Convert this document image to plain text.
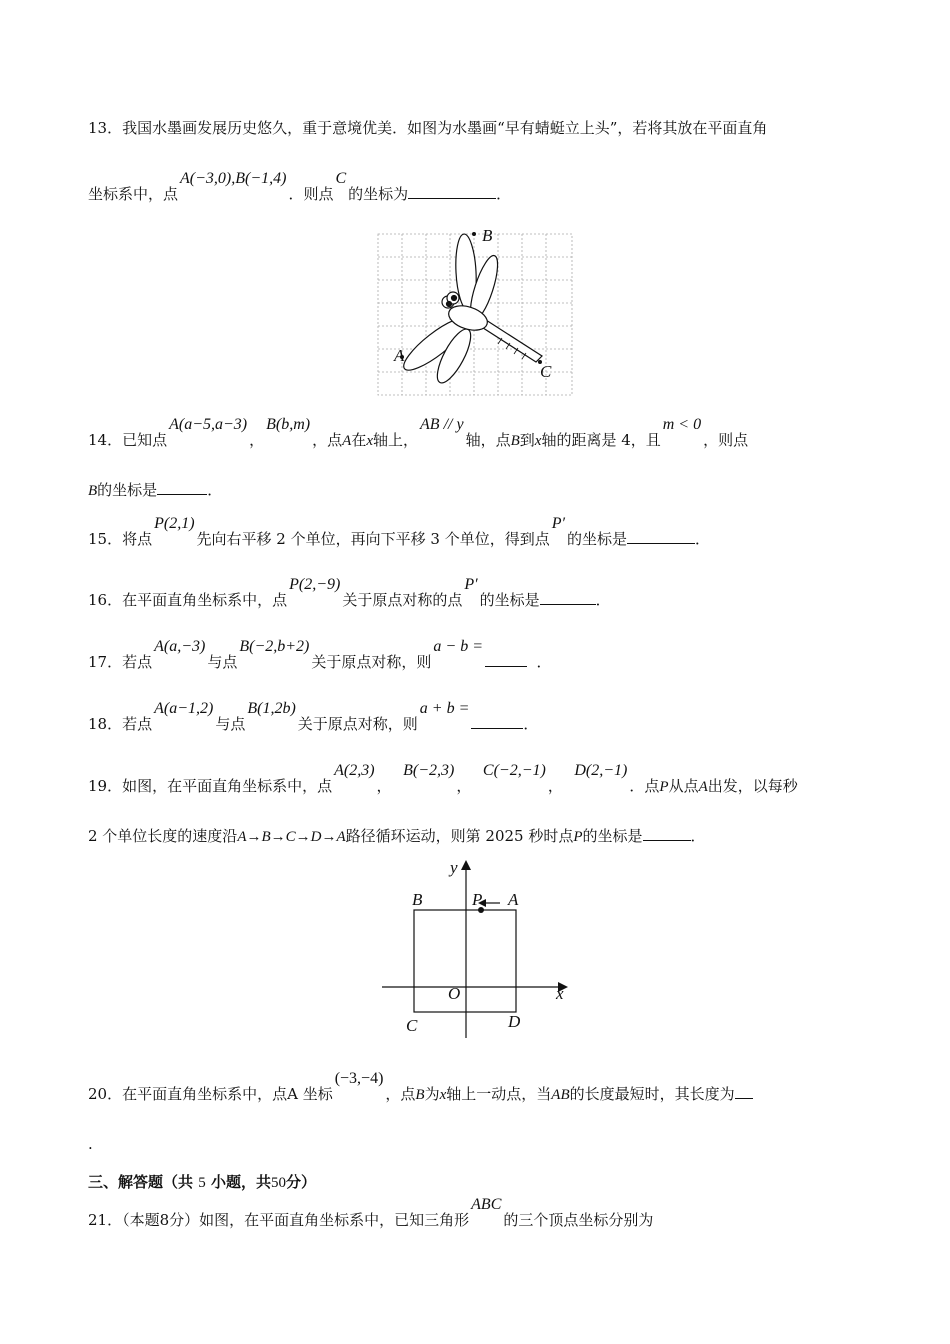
13．我国水墨画发展历史悠久，重于意境优美．如图为水墨画“早有蜻蜓立上头”，若将其放在平面直角
坐标系中，点A(−3,0),B(−1,4)．则点C的坐标为	．
B
A
C
14．已知点A(a−5,a−3)，B(b,m)，点A在x轴上，AB // y轴，点B到x轴的距离是 4，且m < 0，则点
B的坐标是	．
15．将点P(2,1)先向右平移 2 个单位，再向下平移 3 个单位，得到点P′的坐标是	．
16．在平面直角坐标系中，点P(2,−9)关于原点对称的点P′的坐标是	．
17．若点A(a,−3)与点B(−2,b+2)关于原点对称，则a − b =  ．
18．若点A(a−1,2)与点B(1,2b)关于原点对称，则a + b =．
19．如图，在平面直角坐标系中，点A(2,3)，  B(−2,3)，  C(−2,−1)，  D(2,−1)．点P从点A出发，以每秒
2 个单位长度的速度沿A→B→C→D→A路径循环运动，则第 2025 秒时点P的坐标是	．
y
x
O
B	P A
C	D
20．在平面直角坐标系中，点A 坐标(−3,−4)，点B为x轴上一动点，当AB的长度最短时，其长度为
.
三、解答题（共 5 小题，共50分）
21．（本题8分）如图，在平面直角坐标系中，已知三角形ABC的三个顶点坐标分别为
